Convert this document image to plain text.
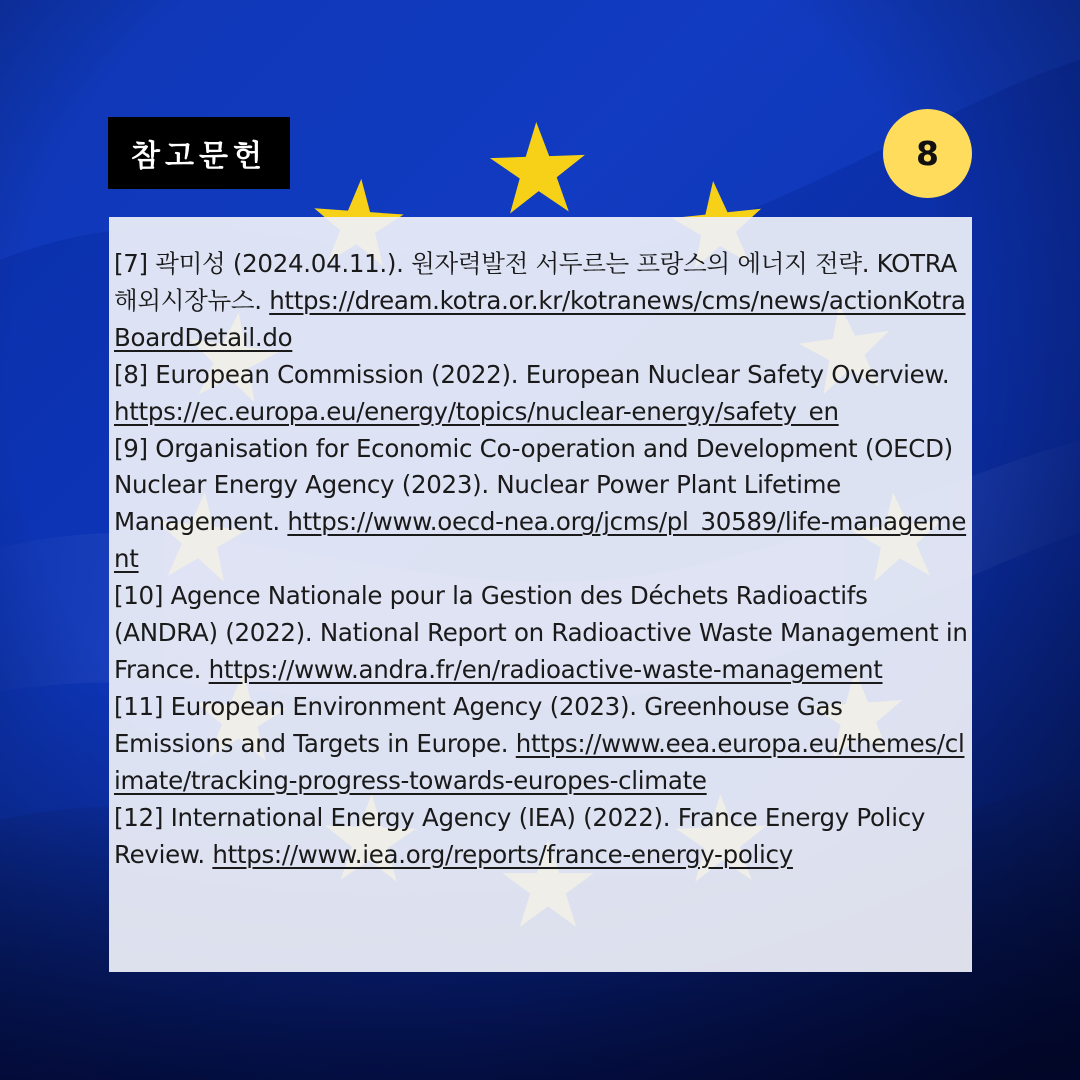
참고문헌	8
[7] 곽미성 (2024.04.11.). 원자력발전 서두르는 프랑스의 에너지 전략. KOTRA 해외시장뉴스. https://dream.kotra.or.kr/kotranews/cms/news/actionKotraBoardDetail.do
[8] European Commission (2022). European Nuclear Safety Overview. https://ec.europa.eu/energy/topics/nuclear-energy/safety_en
[9] Organisation for Economic Co-operation and Development (OECD) Nuclear Energy Agency (2023). Nuclear Power Plant Lifetime Management. https://www.oecd-nea.org/jcms/pl_30589/life-management
[10] Agence Nationale pour la Gestion des Déchets Radioactifs (ANDRA) (2022). National Report on Radioactive Waste Management in France. https://www.andra.fr/en/radioactive-waste-management
[11] European Environment Agency (2023). Greenhouse Gas Emissions and Targets in Europe. https://www.eea.europa.eu/themes/climate/tracking-progress-towards-europes-climate
[12] International Energy Agency (IEA) (2022). France Energy Policy Review. https://www.iea.org/reports/france-energy-policy
